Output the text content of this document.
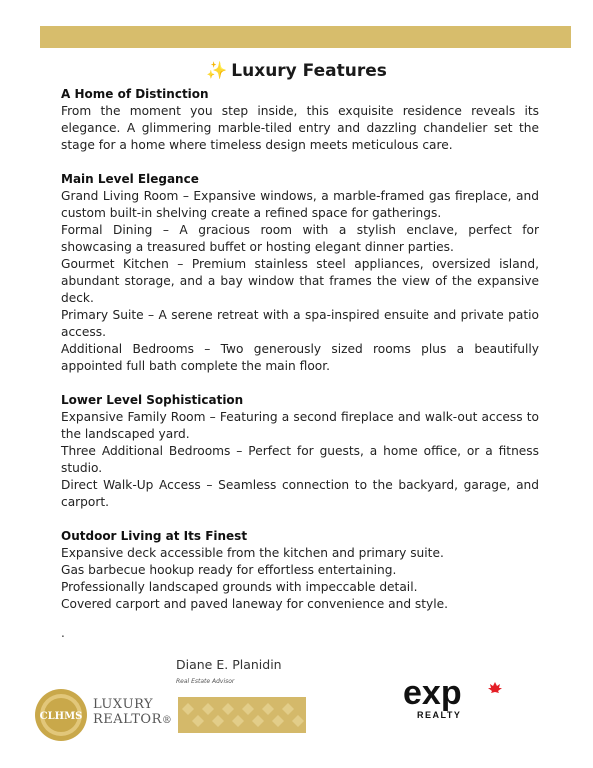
✨ Luxury Features
A Home of Distinction

From the moment you step inside, this exquisite residence reveals its elegance. A glimmering marble-tiled entry and dazzling chandelier set the stage for a home where timeless design meets meticulous care.

Main Level Elegance

Grand Living Room – Expansive windows, a marble-framed gas fireplace, and custom built-in shelving create a refined space for gatherings.

Formal Dining – A gracious room with a stylish enclave, perfect for showcasing a treasured buffet or hosting elegant dinner parties.

Gourmet Kitchen – Premium stainless steel appliances, oversized island, abundant storage, and a bay window that frames the view of the expansive deck.

Primary Suite – A serene retreat with a spa-inspired ensuite and private patio access.

Additional Bedrooms – Two generously sized rooms plus a beautifully appointed full bath complete the main floor.

Lower Level Sophistication

Expansive Family Room – Featuring a second fireplace and walk-out access to the landscaped yard.

Three Additional Bedrooms – Perfect for guests, a home office, or a fitness studio.

Direct Walk-Up Access – Seamless connection to the backyard, garage, and carport.

Outdoor Living at Its Finest

Expansive deck accessible from the kitchen and primary suite.

Gas barbecue hookup ready for effortless entertaining.

Professionally landscaped grounds with impeccable detail.

Covered carport and paved laneway for convenience and style.

.
Diane E. Planidin
Real Estate Advisor
CLHMS
LUXURY
REALTOR®
exp
REALTY
